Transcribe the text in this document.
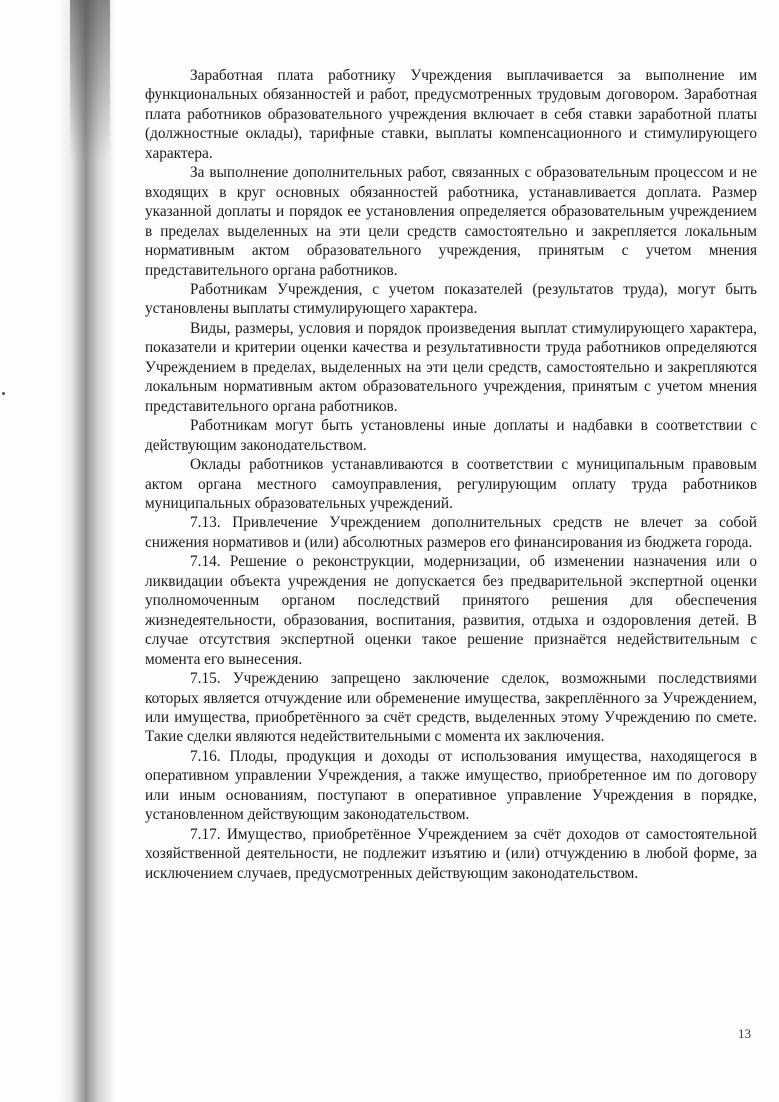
Заработная плата работнику Учреждения выплачивается за выполнение им функциональных обязанностей и работ, предусмотренных трудовым договором. Заработная плата работников образовательного учреждения включает в себя ставки заработной платы (должностные оклады), тарифные ставки, выплаты компенсационного и стимулирующего характера.

За выполнение дополнительных работ, связанных с образовательным процессом и не входящих в круг основных обязанностей работника, устанавливается доплата. Размер указанной доплаты и порядок ее установления определяется образовательным учреждением в пределах выделенных на эти цели средств самостоятельно и закрепляется локальным нормативным актом образовательного учреждения, принятым с учетом мнения представительного органа работников.

Работникам Учреждения, с учетом показателей (результатов труда), могут быть установлены выплаты стимулирующего характера.

Виды, размеры, условия и порядок произведения выплат стимулирующего характера, показатели и критерии оценки качества и результативности труда работников определяются Учреждением в пределах, выделенных на эти цели средств, самостоятельно и закрепляются локальным нормативным актом образовательного учреждения, принятым с учетом мнения представительного органа работников.

Работникам могут быть установлены иные доплаты и надбавки в соответствии с действующим законодательством.

Оклады работников устанавливаются в соответствии с муниципальным правовым актом органа местного самоуправления, регулирующим оплату труда работников муниципальных образовательных учреждений.

7.13. Привлечение Учреждением дополнительных средств не влечет за собой снижения нормативов и (или) абсолютных размеров его финансирования из бюджета города.

7.14. Решение о реконструкции, модернизации, об изменении назначения или о ликвидации объекта учреждения не допускается без предварительной экспертной оценки уполномоченным органом последствий принятого решения для обеспечения жизнедеятельности, образования, воспитания, развития, отдыха и оздоровления детей. В случае отсутствия экспертной оценки такое решение признаётся недействительным с момента его вынесения.

7.15. Учреждению запрещено заключение сделок, возможными последствиями которых является отчуждение или обременение имущества, закреплённого за Учреждением, или имущества, приобретённого за счёт средств, выделенных этому Учреждению по смете. Такие сделки являются недействительными с момента их заключения.

7.16. Плоды, продукция и доходы от использования имущества, находящегося в оперативном управлении Учреждения, а также имущество, приобретенное им по договору или иным основаниям, поступают в оперативное управление Учреждения в порядке, установленном действующим законодательством.

7.17. Имущество, приобретённое Учреждением за счёт доходов от самостоятельной хозяйственной деятельности, не подлежит изъятию и (или) отчуждению в любой форме, за исключением случаев, предусмотренных действующим законодательством.

13
